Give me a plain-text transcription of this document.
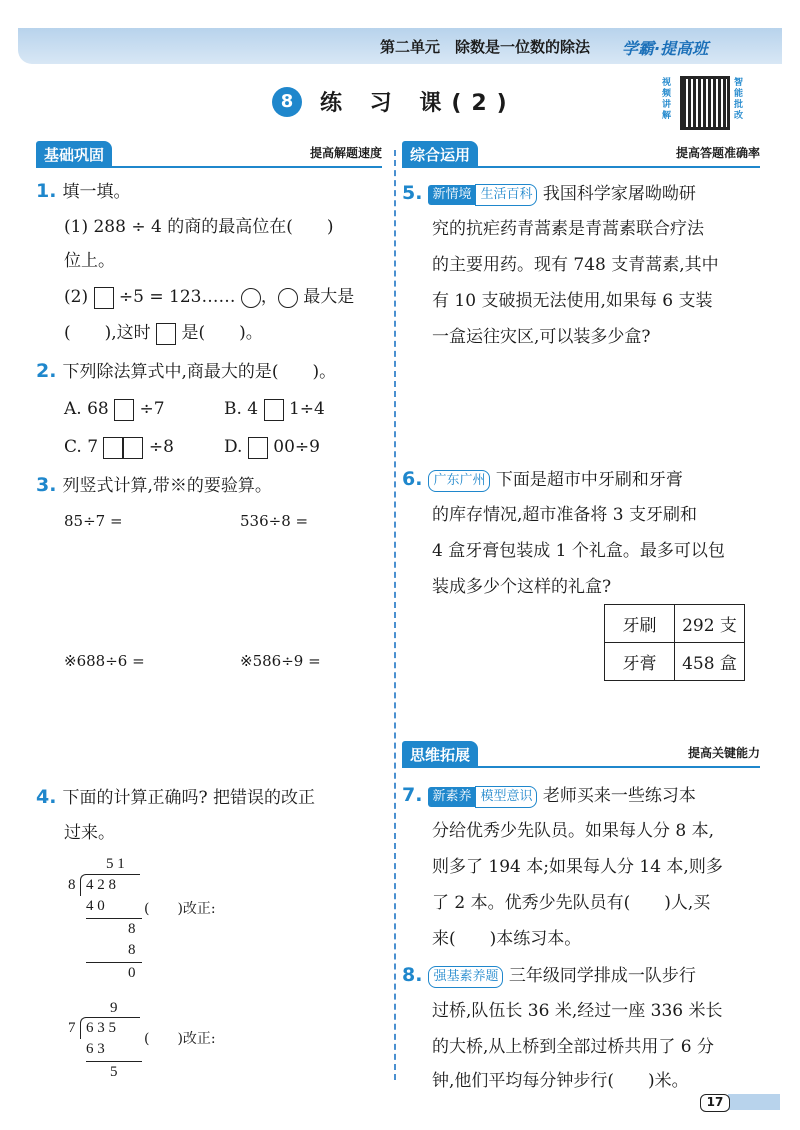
第二单元　除数是一位数的除法 学霸·提高班
8	练 习 课(2)
视频讲解
智能批改
基础巩固	提高解题速度
1. 填一填。
(1) 288 ÷ 4 的商的最高位在(　　)
位上。
(2) ÷5 = 123…… ， 最大是
(　　),这时 是(　　)。
2. 下列除法算式中,商最大的是(　　)。
A. 68 ÷7	B. 4 1÷4
C. 7	÷8	D. 00÷9
3. 列竖式计算,带※的要验算。
85÷7 =	536÷8 =
※688÷6 =	※586÷9 =
4. 下面的计算正确吗? 把错误的改正
过来。
5 1
8 4 2 8
4 0
8
8
0
(　　)改正:
9
7 6 3 5
6 3
5
(　　)改正:
综合运用	提高答题准确率
5. 新情境 生活百科 我国科学家屠呦呦研
究的抗疟药青蒿素是青蒿素联合疗法
的主要用药。现有 748 支青蒿素,其中
有 10 支破损无法使用,如果每 6 支装
一盒运往灾区,可以装多少盒?
6. 广东广州 下面是超市中牙刷和牙膏
的库存情况,超市准备将 3 支牙刷和
4 盒牙膏包装成 1 个礼盒。最多可以包
装成多少个这样的礼盒?
牙刷	292 支
牙膏	458 盒
思维拓展	提高关键能力
7. 新素养 模型意识 老师买来一些练习本
分给优秀少先队员。如果每人分 8 本,
则多了 194 本;如果每人分 14 本,则多
了 2 本。优秀少先队员有(　　)人,买
来(　　)本练习本。
8. 强基素养题 三年级同学排成一队步行
过桥,队伍长 36 米,经过一座 336 米长
的大桥,从上桥到全部过桥共用了 6 分
钟,他们平均每分钟步行(　　)米。
17
